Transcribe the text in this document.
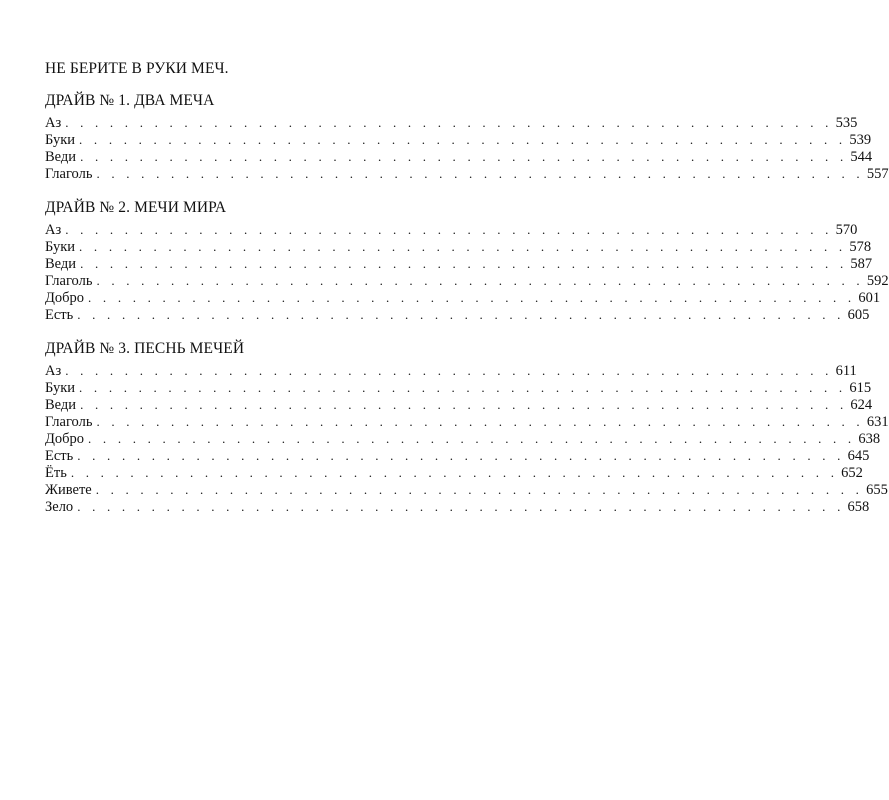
НЕ БЕРИТЕ В РУКИ МЕЧ.
ДРАЙВ № 1. ДВА МЕЧА
Аз . . . . . . . . . . . . . . . . . . . . . . . . . . . . . . . . . . . . . . . . . . . . . . . . . . . . 535
Буки . . . . . . . . . . . . . . . . . . . . . . . . . . . . . . . . . . . . . . . . . . . . . . . . . . . . 539
Веди . . . . . . . . . . . . . . . . . . . . . . . . . . . . . . . . . . . . . . . . . . . . . . . . . . . . 544
Глаголь . . . . . . . . . . . . . . . . . . . . . . . . . . . . . . . . . . . . . . . . . . . . . . . . . . . . 557
ДРАЙВ № 2. МЕЧИ МИРА
Аз . . . . . . . . . . . . . . . . . . . . . . . . . . . . . . . . . . . . . . . . . . . . . . . . . . . . 570
Буки . . . . . . . . . . . . . . . . . . . . . . . . . . . . . . . . . . . . . . . . . . . . . . . . . . . . 578
Веди . . . . . . . . . . . . . . . . . . . . . . . . . . . . . . . . . . . . . . . . . . . . . . . . . . . . 587
Глаголь . . . . . . . . . . . . . . . . . . . . . . . . . . . . . . . . . . . . . . . . . . . . . . . . . . . . 592
Добро . . . . . . . . . . . . . . . . . . . . . . . . . . . . . . . . . . . . . . . . . . . . . . . . . . . . 601
Есть . . . . . . . . . . . . . . . . . . . . . . . . . . . . . . . . . . . . . . . . . . . . . . . . . . . . 605
ДРАЙВ № 3. ПЕСНЬ МЕЧЕЙ
Аз . . . . . . . . . . . . . . . . . . . . . . . . . . . . . . . . . . . . . . . . . . . . . . . . . . . . 611
Буки . . . . . . . . . . . . . . . . . . . . . . . . . . . . . . . . . . . . . . . . . . . . . . . . . . . . 615
Веди . . . . . . . . . . . . . . . . . . . . . . . . . . . . . . . . . . . . . . . . . . . . . . . . . . . . 624
Глаголь . . . . . . . . . . . . . . . . . . . . . . . . . . . . . . . . . . . . . . . . . . . . . . . . . . . . 631
Добро . . . . . . . . . . . . . . . . . . . . . . . . . . . . . . . . . . . . . . . . . . . . . . . . . . . . 638
Есть . . . . . . . . . . . . . . . . . . . . . . . . . . . . . . . . . . . . . . . . . . . . . . . . . . . . 645
Ёть . . . . . . . . . . . . . . . . . . . . . . . . . . . . . . . . . . . . . . . . . . . . . . . . . . . . 652
Живете . . . . . . . . . . . . . . . . . . . . . . . . . . . . . . . . . . . . . . . . . . . . . . . . . . . . 655
Зело . . . . . . . . . . . . . . . . . . . . . . . . . . . . . . . . . . . . . . . . . . . . . . . . . . . . 658
